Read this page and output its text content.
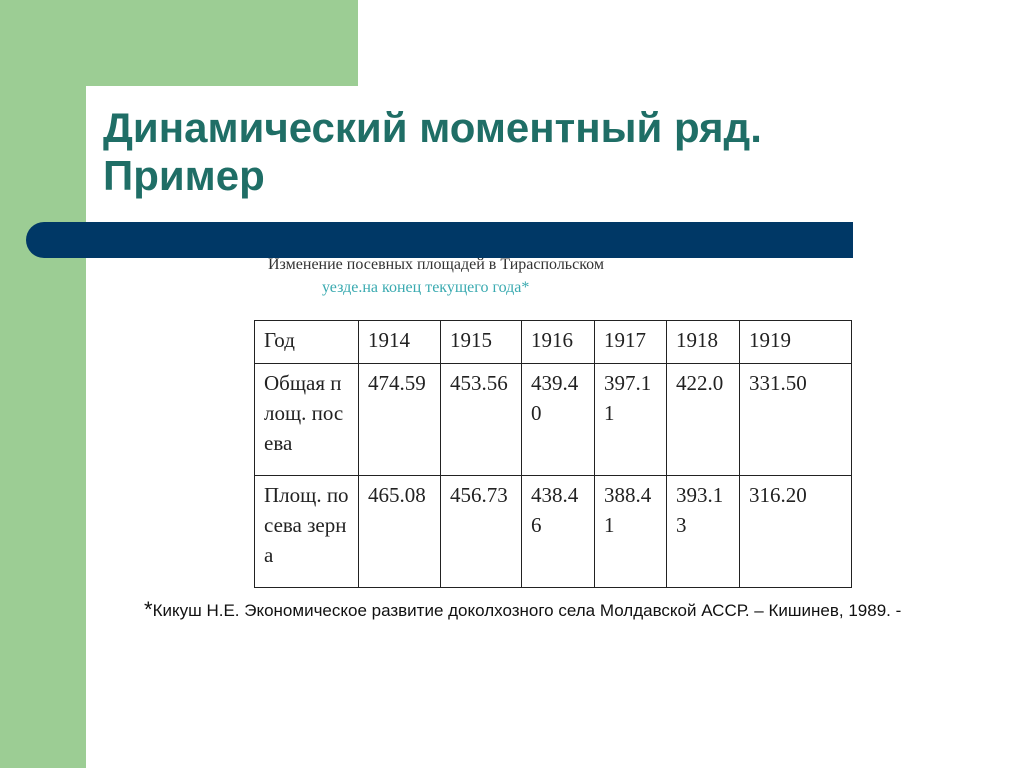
Динамический моментный ряд.
Пример
Изменение посевных площадей в Тираспольском
уезде.на конец текущего года*
Год	1914	1915	1916	1917	1918	1919
Общая площ. посева	474.59	453.56	439.40	397.11	422.0	331.50
Площ. посева зерна	465.08	456.73	438.46	388.41	393.13	316.20
*Кикуш Н.Е. Экономическое развитие доколхозного села Молдавской АССР. – Кишинев, 1989. -
